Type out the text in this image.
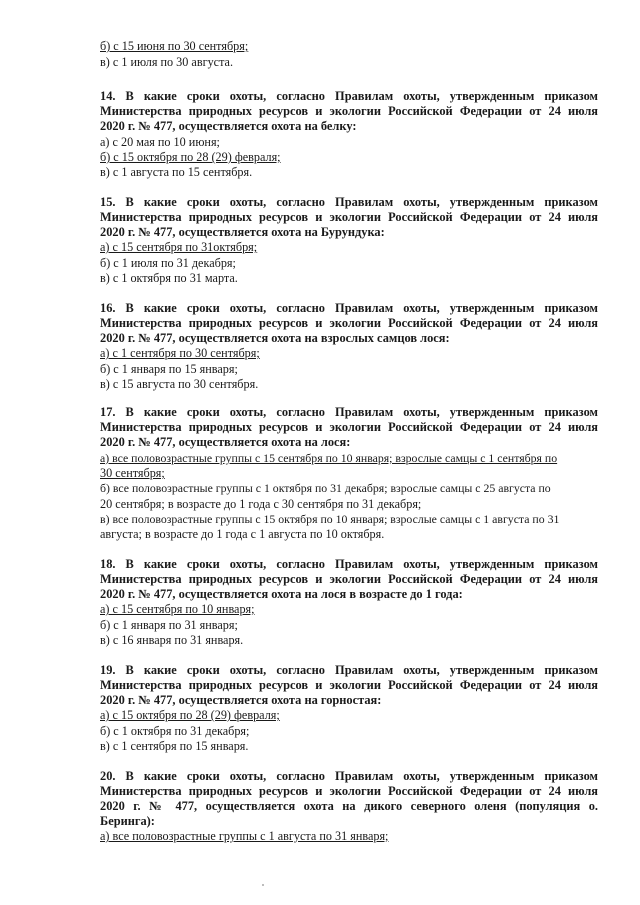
б) с 15 июня по 30 сентября;
в) с 1 июля по 30 августа.
14. В какие сроки охоты, согласно Правилам охоты, утвержденным приказом
Министерства природных ресурсов и экологии Российской Федерации от 24 июля
2020 г. № 477, осуществляется охота на белку:
а) с 20 мая по 10 июня;
б) с 15 октября по 28 (29) февраля;
в) с 1 августа по 15 сентября.
15. В какие сроки охоты, согласно Правилам охоты, утвержденным приказом
Министерства природных ресурсов и экологии Российской Федерации от 24 июля
2020 г. № 477, осуществляется охота на Бурундука:
а) с 15 сентября по 31октября;
б) с 1 июля по 31 декабря;
в) с 1 октября по 31 марта.
16. В какие сроки охоты, согласно Правилам охоты, утвержденным приказом
Министерства природных ресурсов и экологии Российской Федерации от 24 июля
2020 г. № 477, осуществляется охота на взрослых самцов лося:
а) с 1 сентября по 30 сентября;
б) с 1 января по 15 января;
в) с 15 августа по 30 сентября.
17. В какие сроки охоты, согласно Правилам охоты, утвержденным приказом
Министерства природных ресурсов и экологии Российской Федерации от 24 июля
2020 г. № 477, осуществляется охота на лося:
а) все половозрастные группы с 15 сентября по 10 января; взрослые самцы с 1 сентября по
30 сентября;
б) все половозрастные группы с 1 октября по 31 декабря; взрослые самцы с 25 августа по
20 сентября; в возрасте до 1 года с 30 сентября по 31 декабря;
в) все половозрастные группы с 15 октября по 10 января; взрослые самцы с 1 августа по 31
августа; в возрасте до 1 года с 1 августа по 10 октября.
18. В какие сроки охоты, согласно Правилам охоты, утвержденным приказом
Министерства природных ресурсов и экологии Российской Федерации от 24 июля
2020 г. № 477, осуществляется охота на лося в возрасте до 1 года:
а) с 15 сентября по 10 января;
б) с 1 января по 31 января;
в) с 16 января по 31 января.
19. В какие сроки охоты, согласно Правилам охоты, утвержденным приказом
Министерства природных ресурсов и экологии Российской Федерации от 24 июля
2020 г. № 477, осуществляется охота на горностая:
а) с 15 октября по 28 (29) февраля;
б) с 1 октября по 31 декабря;
в) с 1 сентября по 15 января.
20. В какие сроки охоты, согласно Правилам охоты, утвержденным приказом
Министерства природных ресурсов и экологии Российской Федерации от 24 июля
2020 г. № 477, осуществляется охота на дикого северного оленя (популяция о.
Беринга):
а) все половозрастные группы с 1 августа по 31 января;
